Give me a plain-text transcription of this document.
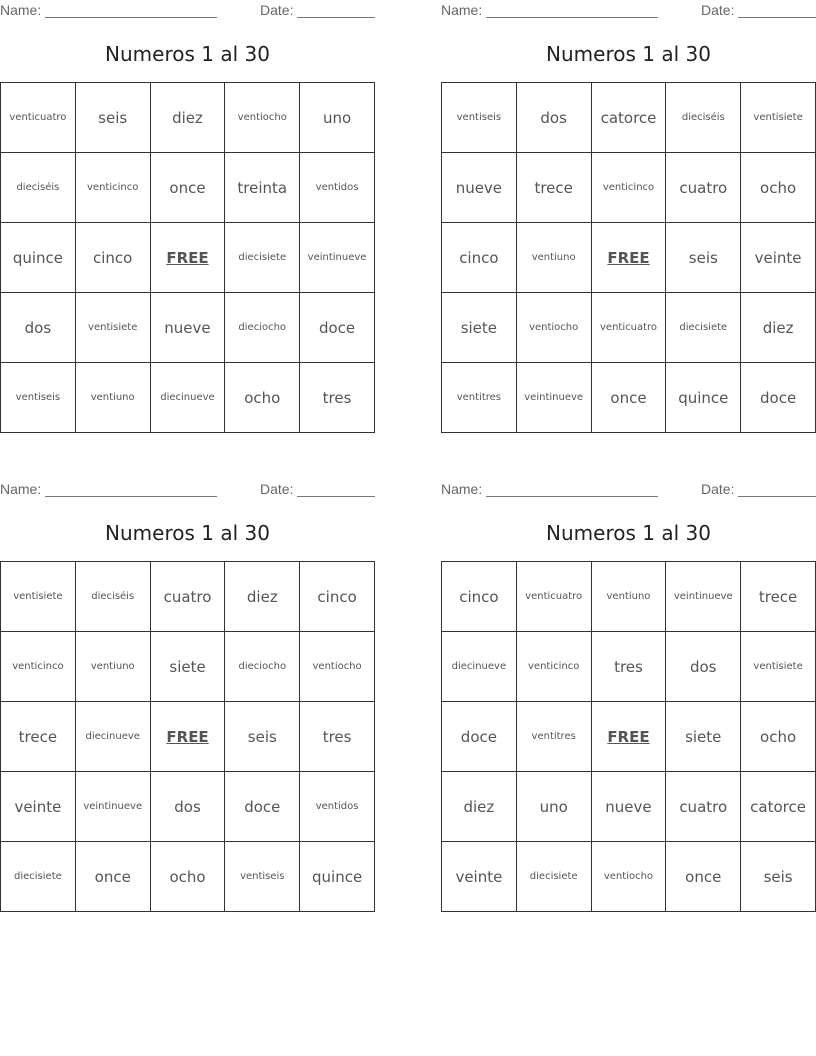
Name:	Date:
Numeros 1 al 30
venticuatro	seis	diez	ventiocho	uno
dieciséis	venticinco	once	treinta	ventidos
quince	cinco	FREE	diecisiete	veintinueve
dos	ventisiete	nueve	dieciocho	doce
ventiseis	ventiuno	diecinueve	ocho	tres
Name:	Date:
Numeros 1 al 30
ventiseis	dos	catorce	dieciséis	ventisiete
nueve	trece	venticinco	cuatro	ocho
cinco	ventiuno	FREE	seis	veinte
siete	ventiocho	venticuatro	diecisiete	diez
ventitres	veintinueve	once	quince	doce
Name:	Date:
Numeros 1 al 30
ventisiete	dieciséis	cuatro	diez	cinco
venticinco	ventiuno	siete	dieciocho	ventiocho
trece	diecinueve	FREE	seis	tres
veinte	veintinueve	dos	doce	ventidos
diecisiete	once	ocho	ventiseis	quince
Name:	Date:
Numeros 1 al 30
cinco	venticuatro	ventiuno	veintinueve	trece
diecinueve	venticinco	tres	dos	ventisiete
doce	ventitres	FREE	siete	ocho
diez	uno	nueve	cuatro	catorce
veinte	diecisiete	ventiocho	once	seis
